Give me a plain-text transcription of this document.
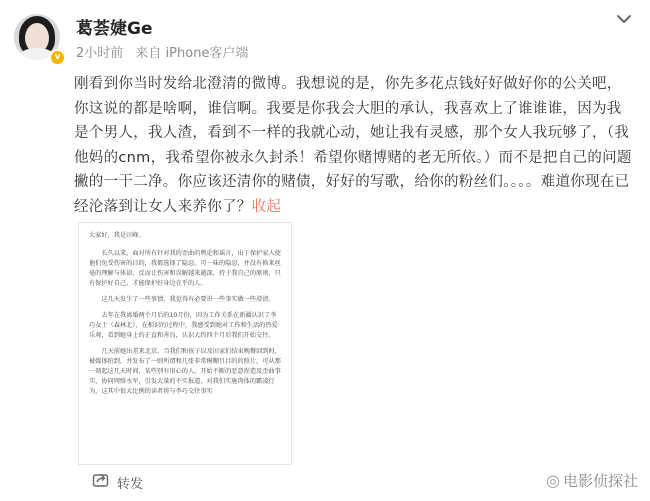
v
葛荟婕Ge
2小时前 来自 iPhone客户端
刚看到你当时发给北澄清的微博。我想说的是，你先多花点钱好好做好你的公关吧，你这说的都是啥啊，谁信啊。我要是你我会大胆的承认，我喜欢上了谁谁谁，因为我是个男人，我人渣，看到不一样的我就心动，她让我有灵感，那个女人我玩够了，（我他妈的cnm，我希望你被永久封杀！希望你赌博赌的老无所依。）而不是把自己的问题撇的一干二净。你应该还清你的赌债，好好的写歌，给你的粉丝们。。。。难道你现在已经沦落到让女人来养你了？收起

大家好，我是汪峰。

长久以来，面对所有针对我的歪曲的舆论和谣言，出于保护家人使他们免受伤害的目的，我都选择了隐忍。可一味的隐忍，并没有换来丝毫的理解与体谅，反而让伤害和误解越来越深，持于我自己的原则，只有保护好自己，才能保护好身边在乎的人。

这几天发生了一些事情，我觉得有必要讲一些事实做一些澄清。

去年在我离婚两个月后的10月份，因为工作关系在新疆认识了李巧女士（森林北），在相识的过程中，我感受到她对工作和生活的热爱乐观，看到她身上的正直和善良，认识大约四个月后我们开始交往。

几天前她出差来北京，当我们和孩子以及田家们结束晚餐回到时，被媒体拍到，并发布了一则所谓和几张非常模糊且目的的照片，可从那一刻起这几天时间，某些别有用心的人，开始不断的恶意捏造及歪曲事实，协同网络水军，引发大量的不实报道，对我们实施肉体的霸凌行为，这其中很大比例的读者将与李巧交往事实

转发	◎ 电影侦探社
